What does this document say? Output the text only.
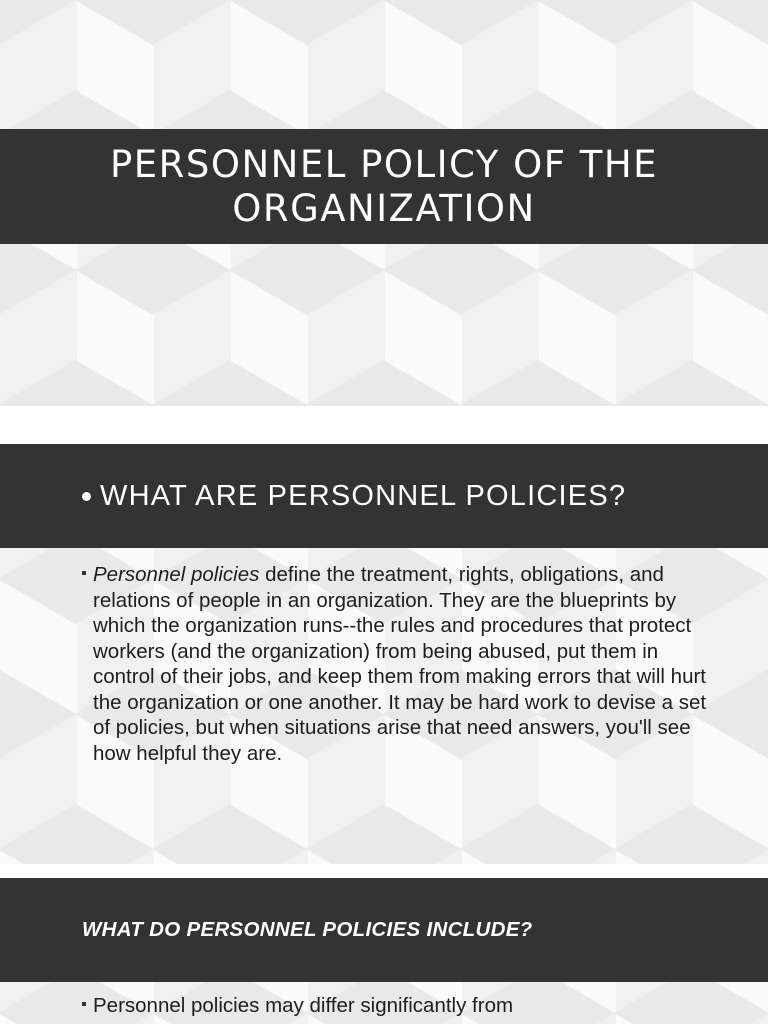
PERSONNEL POLICY OF THE
ORGANIZATION
WHAT ARE PERSONNEL POLICIES?

Personnel policies define the treatment, rights, obligations, and relations of people in an organization. They are the blueprints by which the organization runs--the rules and procedures that protect workers (and the organization) from being abused, put them in control of their jobs, and keep them from making errors that will hurt the organization or one another. It may be hard work to devise a set of policies, but when situations arise that need answers, you'll see how helpful they are.

WHAT DO PERSONNEL POLICIES INCLUDE?

Personnel policies may differ significantly from
